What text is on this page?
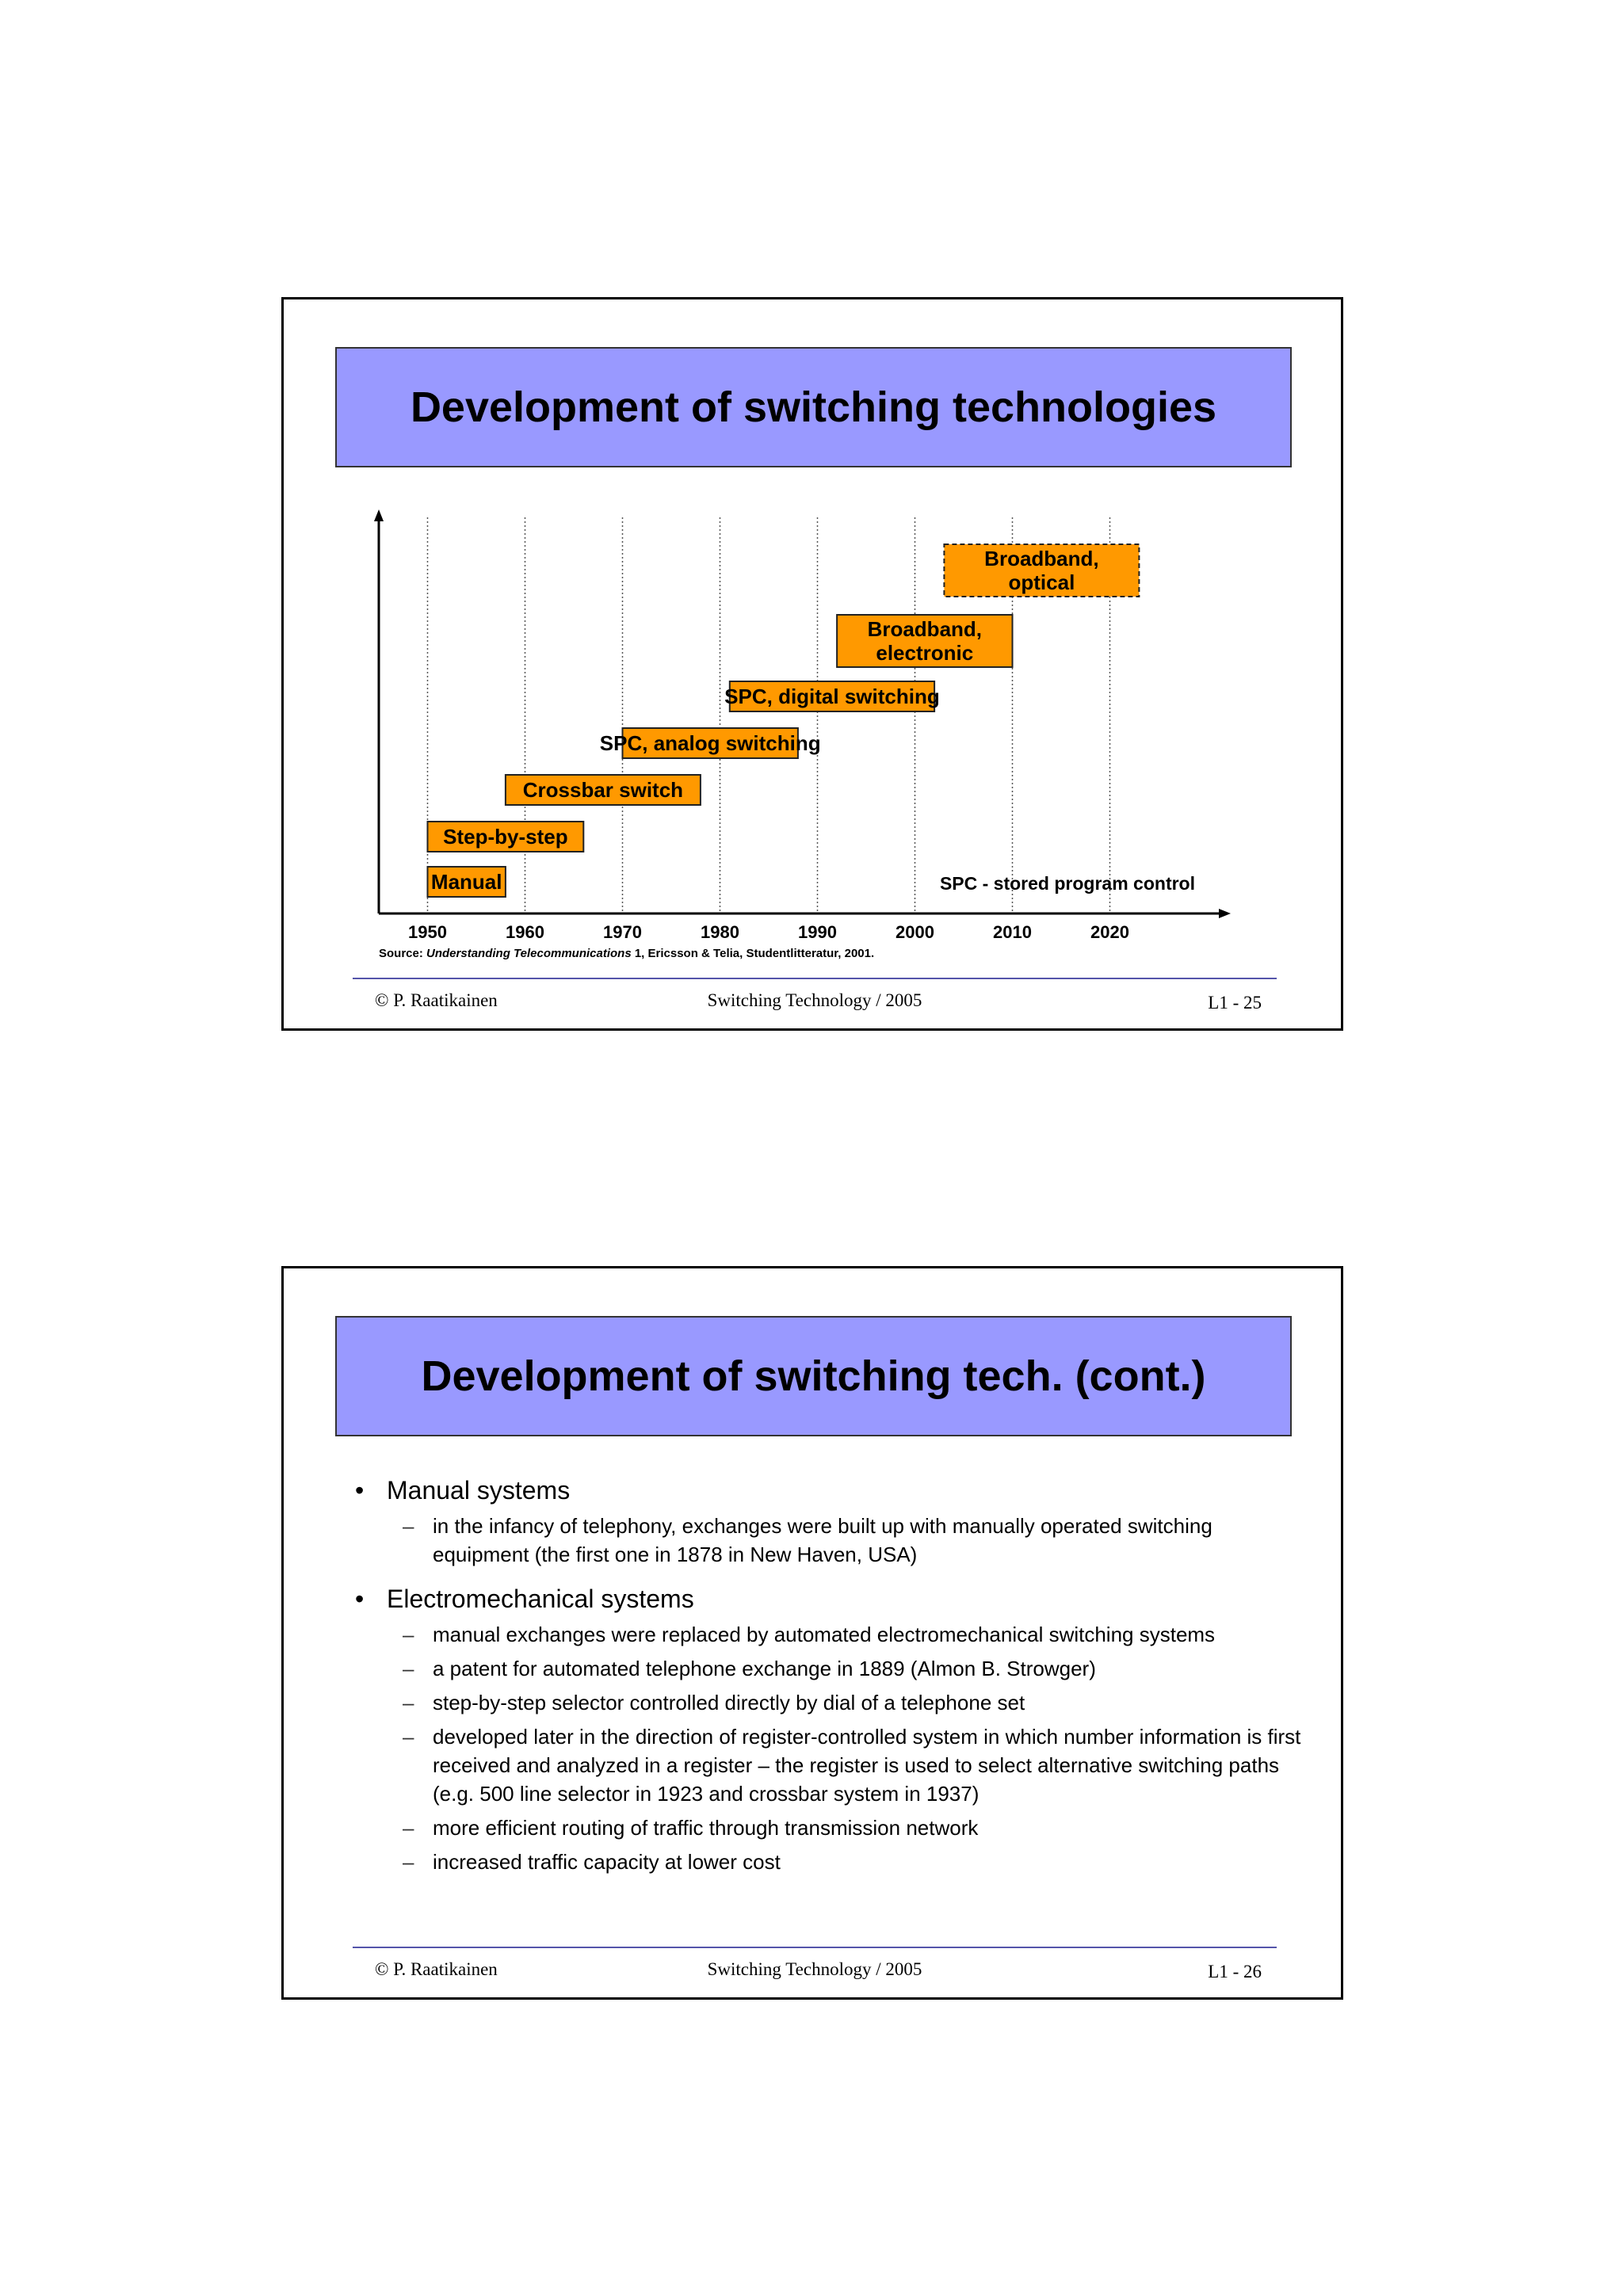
Development of switching technologies
Manual
Step-by-step
Crossbar switch
SPC, analog switching
SPC, digital switching
Broadband, electronic
Broadband, optical
1950	1960	1970	1980	1990	2000	2010	2020
SPC - stored program control
Source: Understanding Telecommunications 1, Ericsson & Telia, Studentlitteratur, 2001.
© P. Raatikainen	Switching Technology / 2005	L1 - 25
Development of switching tech. (cont.)
• Manual systems
– in the infancy of telephony, exchanges were built up with manually operated switching equipment (the first one in 1878 in New Haven, USA)
• Electromechanical systems
– manual exchanges were replaced by automated electromechanical switching systems
– a patent for automated telephone exchange in 1889 (Almon B. Strowger)
– step-by-step selector controlled directly by dial of a telephone set
– developed later in the direction of register-controlled system in which number information is first received and analyzed in a register – the register is used to select alternative switching paths (e.g. 500 line selector in 1923 and crossbar system in 1937)
– more efficient routing of traffic through transmission network
– increased traffic capacity at lower cost
© P. Raatikainen	Switching Technology / 2005	L1 - 26
